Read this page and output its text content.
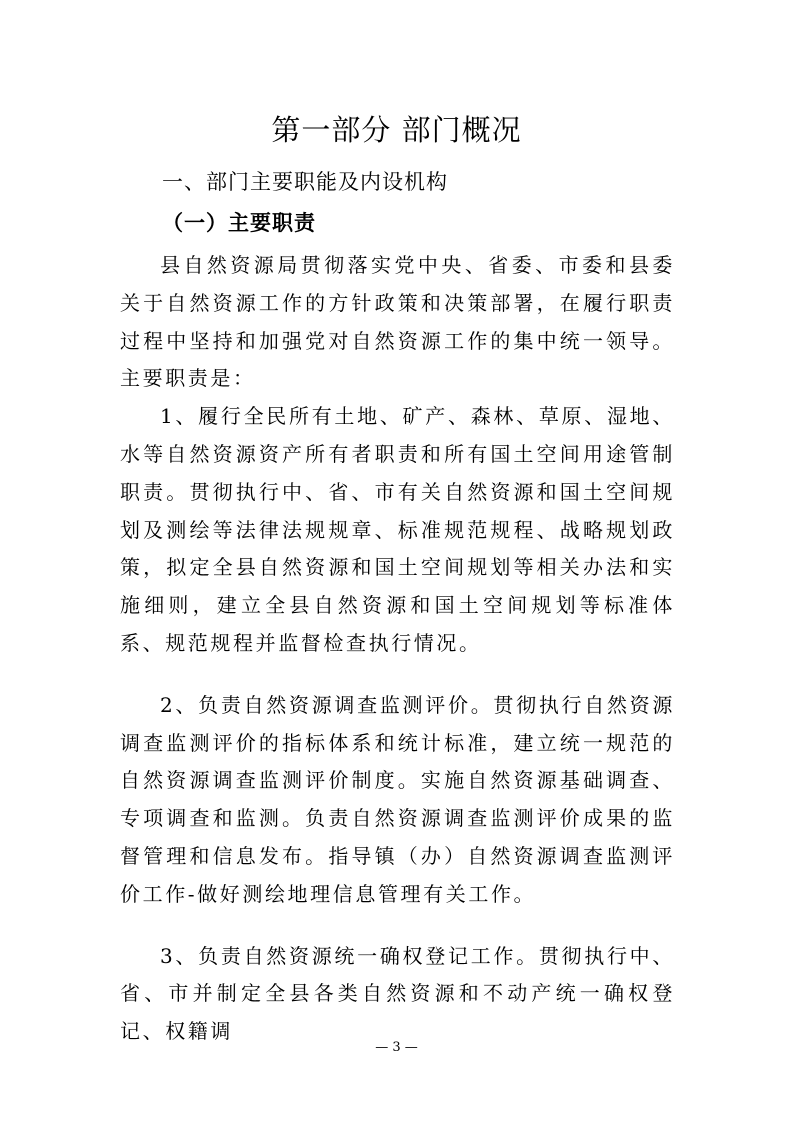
第一部分 部门概况
一、部门主要职能及内设机构
（一）主要职责

县自然资源局贯彻落实党中央、省委、市委和县委关于自然资源工作的方针政策和决策部署，在履行职责过程中坚持和加强党对自然资源工作的集中统一领导。主要职责是：

1、履行全民所有土地、矿产、森林、草原、湿地、水等自然资源资产所有者职责和所有国土空间用途管制职责。贯彻执行中、省、市有关自然资源和国土空间规划及测绘等法律法规规章、标准规范规程、战略规划政策，拟定全县自然资源和国土空间规划等相关办法和实施细则，建立全县自然资源和国土空间规划等标准体系、规范规程并监督检查执行情况。

2、负责自然资源调查监测评价。贯彻执行自然资源调查监测评价的指标体系和统计标准，建立统一规范的自然资源调查监测评价制度。实施自然资源基础调查、专项调查和监测。负责自然资源调查监测评价成果的监督管理和信息发布。指导镇（办）自然资源调查监测评价工作-做好测绘地理信息管理有关工作。

3、负责自然资源统一确权登记工作。贯彻执行中、省、市并制定全县各类自然资源和不动产统一确权登记、权籍调

— 3 —
